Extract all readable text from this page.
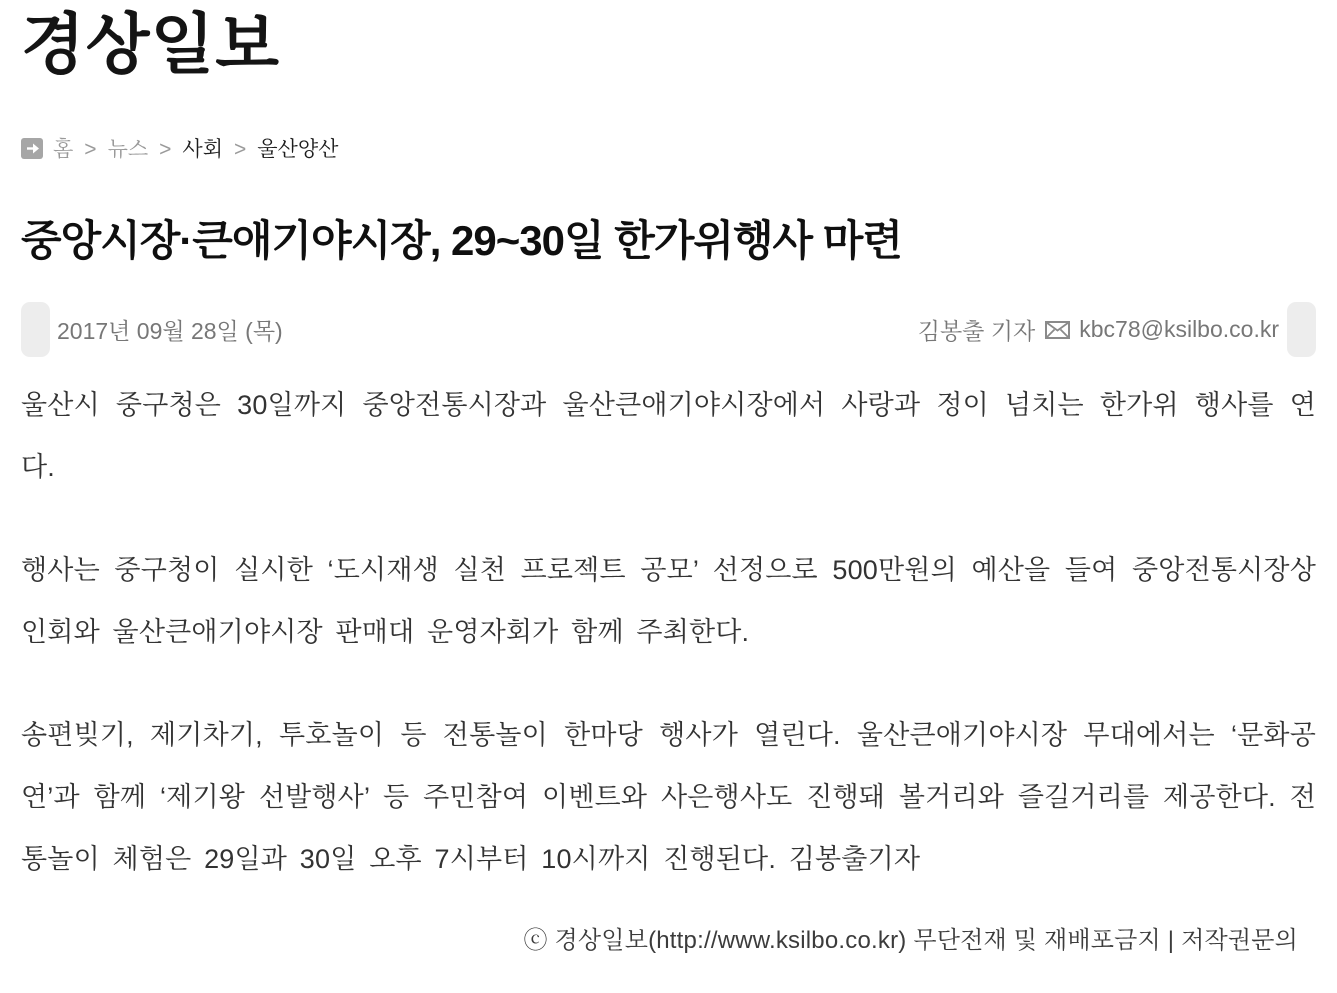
경상일보
홈 > 뉴스 > 사회 > 울산양산
중앙시장·큰애기야시장, 29~30일 한가위행사 마련
2017년 09월 28일 (목)	김봉출 기자 kbc78@ksilbo.co.kr

울산시 중구청은 30일까지 중앙전통시장과 울산큰애기야시장에서 사랑과 정이 넘치는 한가위 행사를 연다.

행사는 중구청이 실시한 ‘도시재생 실천 프로젝트 공모’ 선정으로 500만원의 예산을 들여 중앙전통시장상인회와 울산큰애기야시장 판매대 운영자회가 함께 주최한다.

송편빚기, 제기차기, 투호놀이 등 전통놀이 한마당 행사가 열린다. 울산큰애기야시장 무대에서는 ‘문화공연’과 함께 ‘제기왕 선발행사’ 등 주민참여 이벤트와 사은행사도 진행돼 볼거리와 즐길거리를 제공한다. 전통놀이 체험은 29일과 30일 오후 7시부터 10시까지 진행된다. 김봉출기자

ⓒ 경상일보(http://www.ksilbo.co.kr) 무단전재 및 재배포금지 | 저작권문의
